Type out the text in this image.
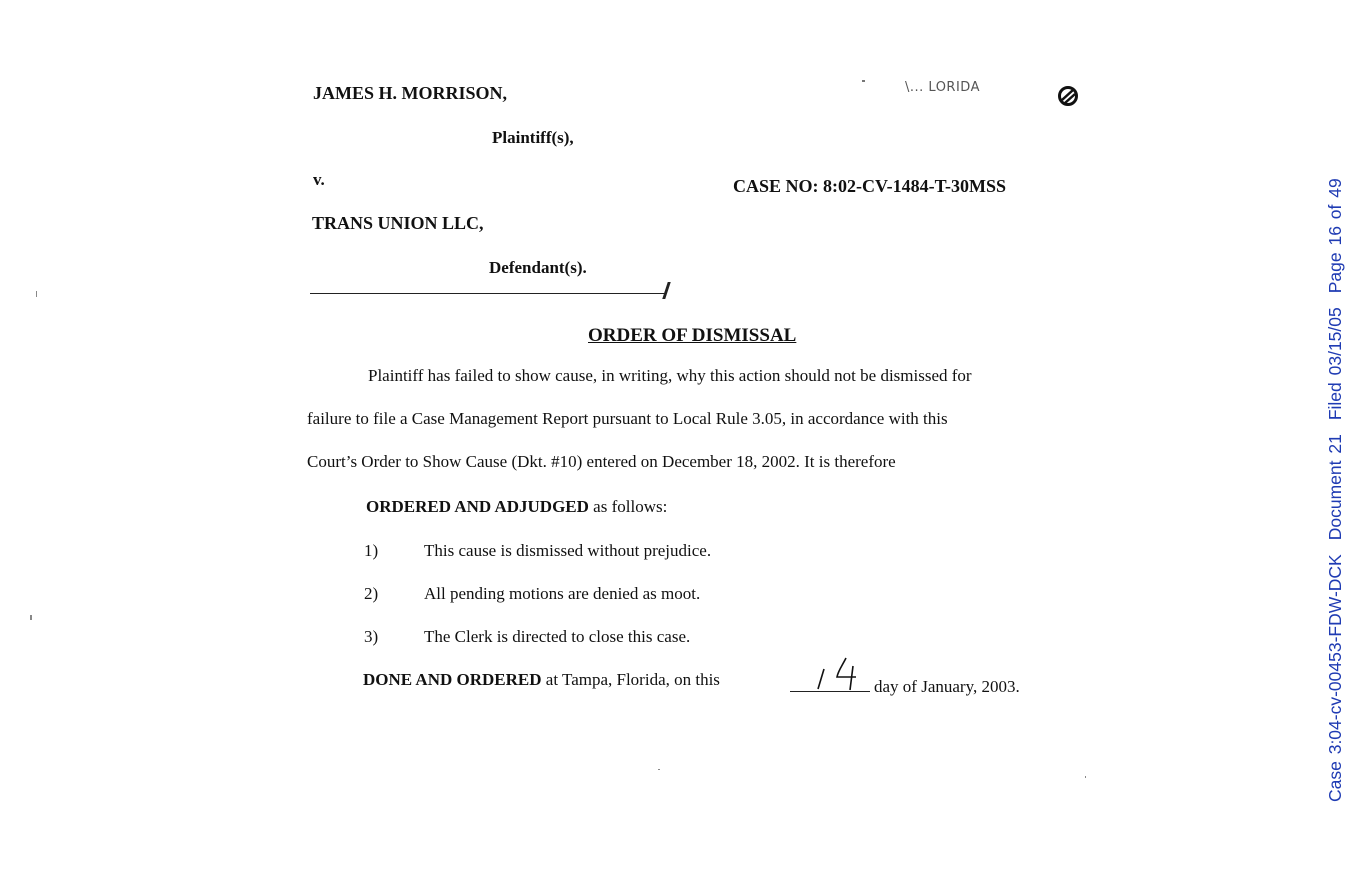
JAMES H. MORRISON,
Plaintiff(s),
v.	CASE NO: 8:02-CV-1484-T-30MSS
TRANS UNION LLC,
Defendant(s).
\... LORIDA
ORDER OF DISMISSAL
Plaintiff has failed to show cause, in writing, why this action should not be dismissed for
failure to file a Case Management Report pursuant to Local Rule 3.05, in accordance with this
Court’s Order to Show Cause (Dkt. #10) entered on December 18, 2002. It is therefore
ORDERED AND ADJUDGED as follows:
1)	This cause is dismissed without prejudice.
2)	All pending motions are denied as moot.
3)	The Clerk is directed to close this case.
DONE AND ORDERED at Tampa, Florida, on this	day of January, 2003.	Case 3:04-cv-00453-FDW-DCKDocument 21Filed 03/15/05Page 16 of 49
